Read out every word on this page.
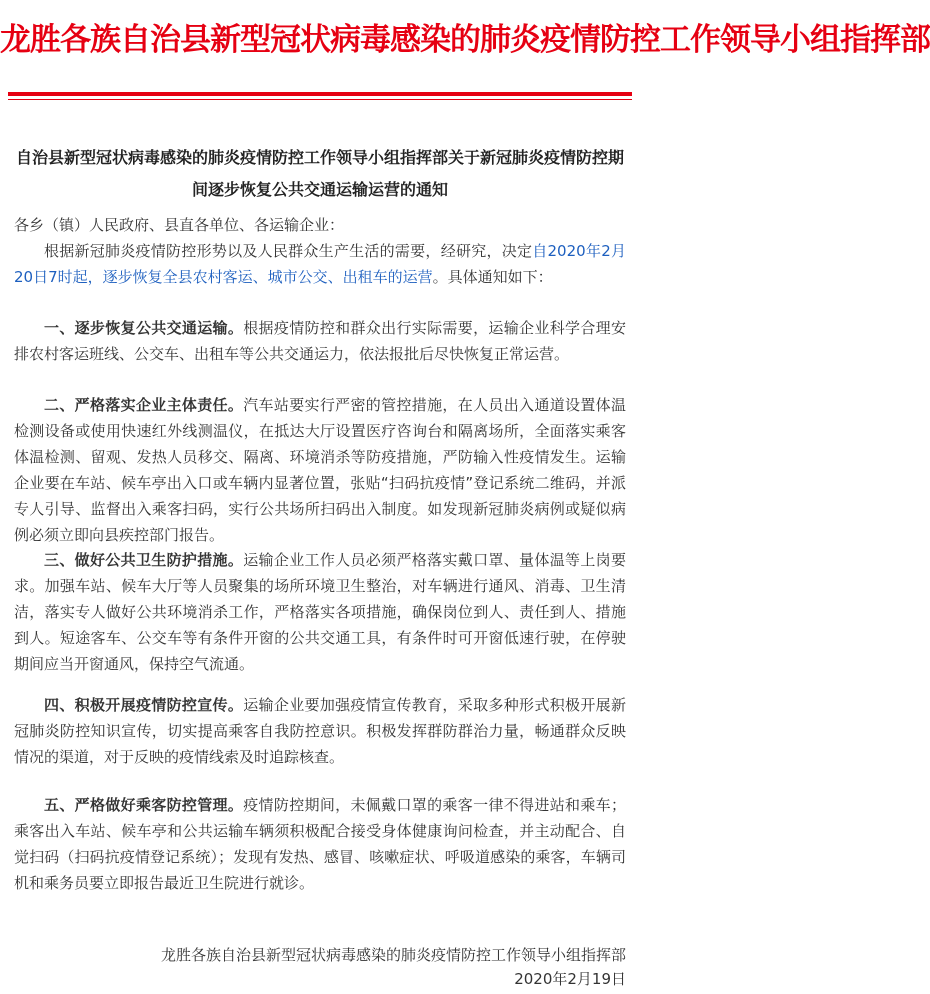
龙胜各族自治县新型冠状病毒感染的肺炎疫情防控工作领导小组指挥部
自治县新型冠状病毒感染的肺炎疫情防控工作领导小组指挥部关于新冠肺炎疫情防控期间逐步恢复公共交通运输运营的通知
各乡（镇）人民政府、县直各单位、各运输企业：

根据新冠肺炎疫情防控形势以及人民群众生产生活的需要，经研究，决定自2020年2月20日7时起，逐步恢复全县农村客运、城市公交、出租车的运营。具体通知如下：

一、逐步恢复公共交通运输。根据疫情防控和群众出行实际需要，运输企业科学合理安排农村客运班线、公交车、出租车等公共交通运力，依法报批后尽快恢复正常运营。

二、严格落实企业主体责任。汽车站要实行严密的管控措施，在人员出入通道设置体温检测设备或使用快速红外线测温仪，在抵达大厅设置医疗咨询台和隔离场所，全面落实乘客体温检测、留观、发热人员移交、隔离、环境消杀等防疫措施，严防输入性疫情发生。运输企业要在车站、候车亭出入口或车辆内显著位置，张贴“扫码抗疫情”登记系统二维码，并派专人引导、监督出入乘客扫码，实行公共场所扫码出入制度。如发现新冠肺炎病例或疑似病例必须立即向县疾控部门报告。

三、做好公共卫生防护措施。运输企业工作人员必须严格落实戴口罩、量体温等上岗要求。加强车站、候车大厅等人员聚集的场所环境卫生整治，对车辆进行通风、消毒、卫生清洁，落实专人做好公共环境消杀工作，严格落实各项措施，确保岗位到人、责任到人、措施到人。短途客车、公交车等有条件开窗的公共交通工具，有条件时可开窗低速行驶，在停驶期间应当开窗通风，保持空气流通。

四、积极开展疫情防控宣传。运输企业要加强疫情宣传教育，采取多种形式积极开展新冠肺炎防控知识宣传，切实提高乘客自我防控意识。积极发挥群防群治力量，畅通群众反映情况的渠道，对于反映的疫情线索及时追踪核查。

五、严格做好乘客防控管理。疫情防控期间，未佩戴口罩的乘客一律不得进站和乘车；乘客出入车站、候车亭和公共运输车辆须积极配合接受身体健康询问检查，并主动配合、自觉扫码（扫码抗疫情登记系统）；发现有发热、感冒、咳嗽症状、呼吸道感染的乘客，车辆司机和乘务员要立即报告最近卫生院进行就诊。

龙胜各族自治县新型冠状病毒感染的肺炎疫情防控工作领导小组指挥部
2020年2月19日
